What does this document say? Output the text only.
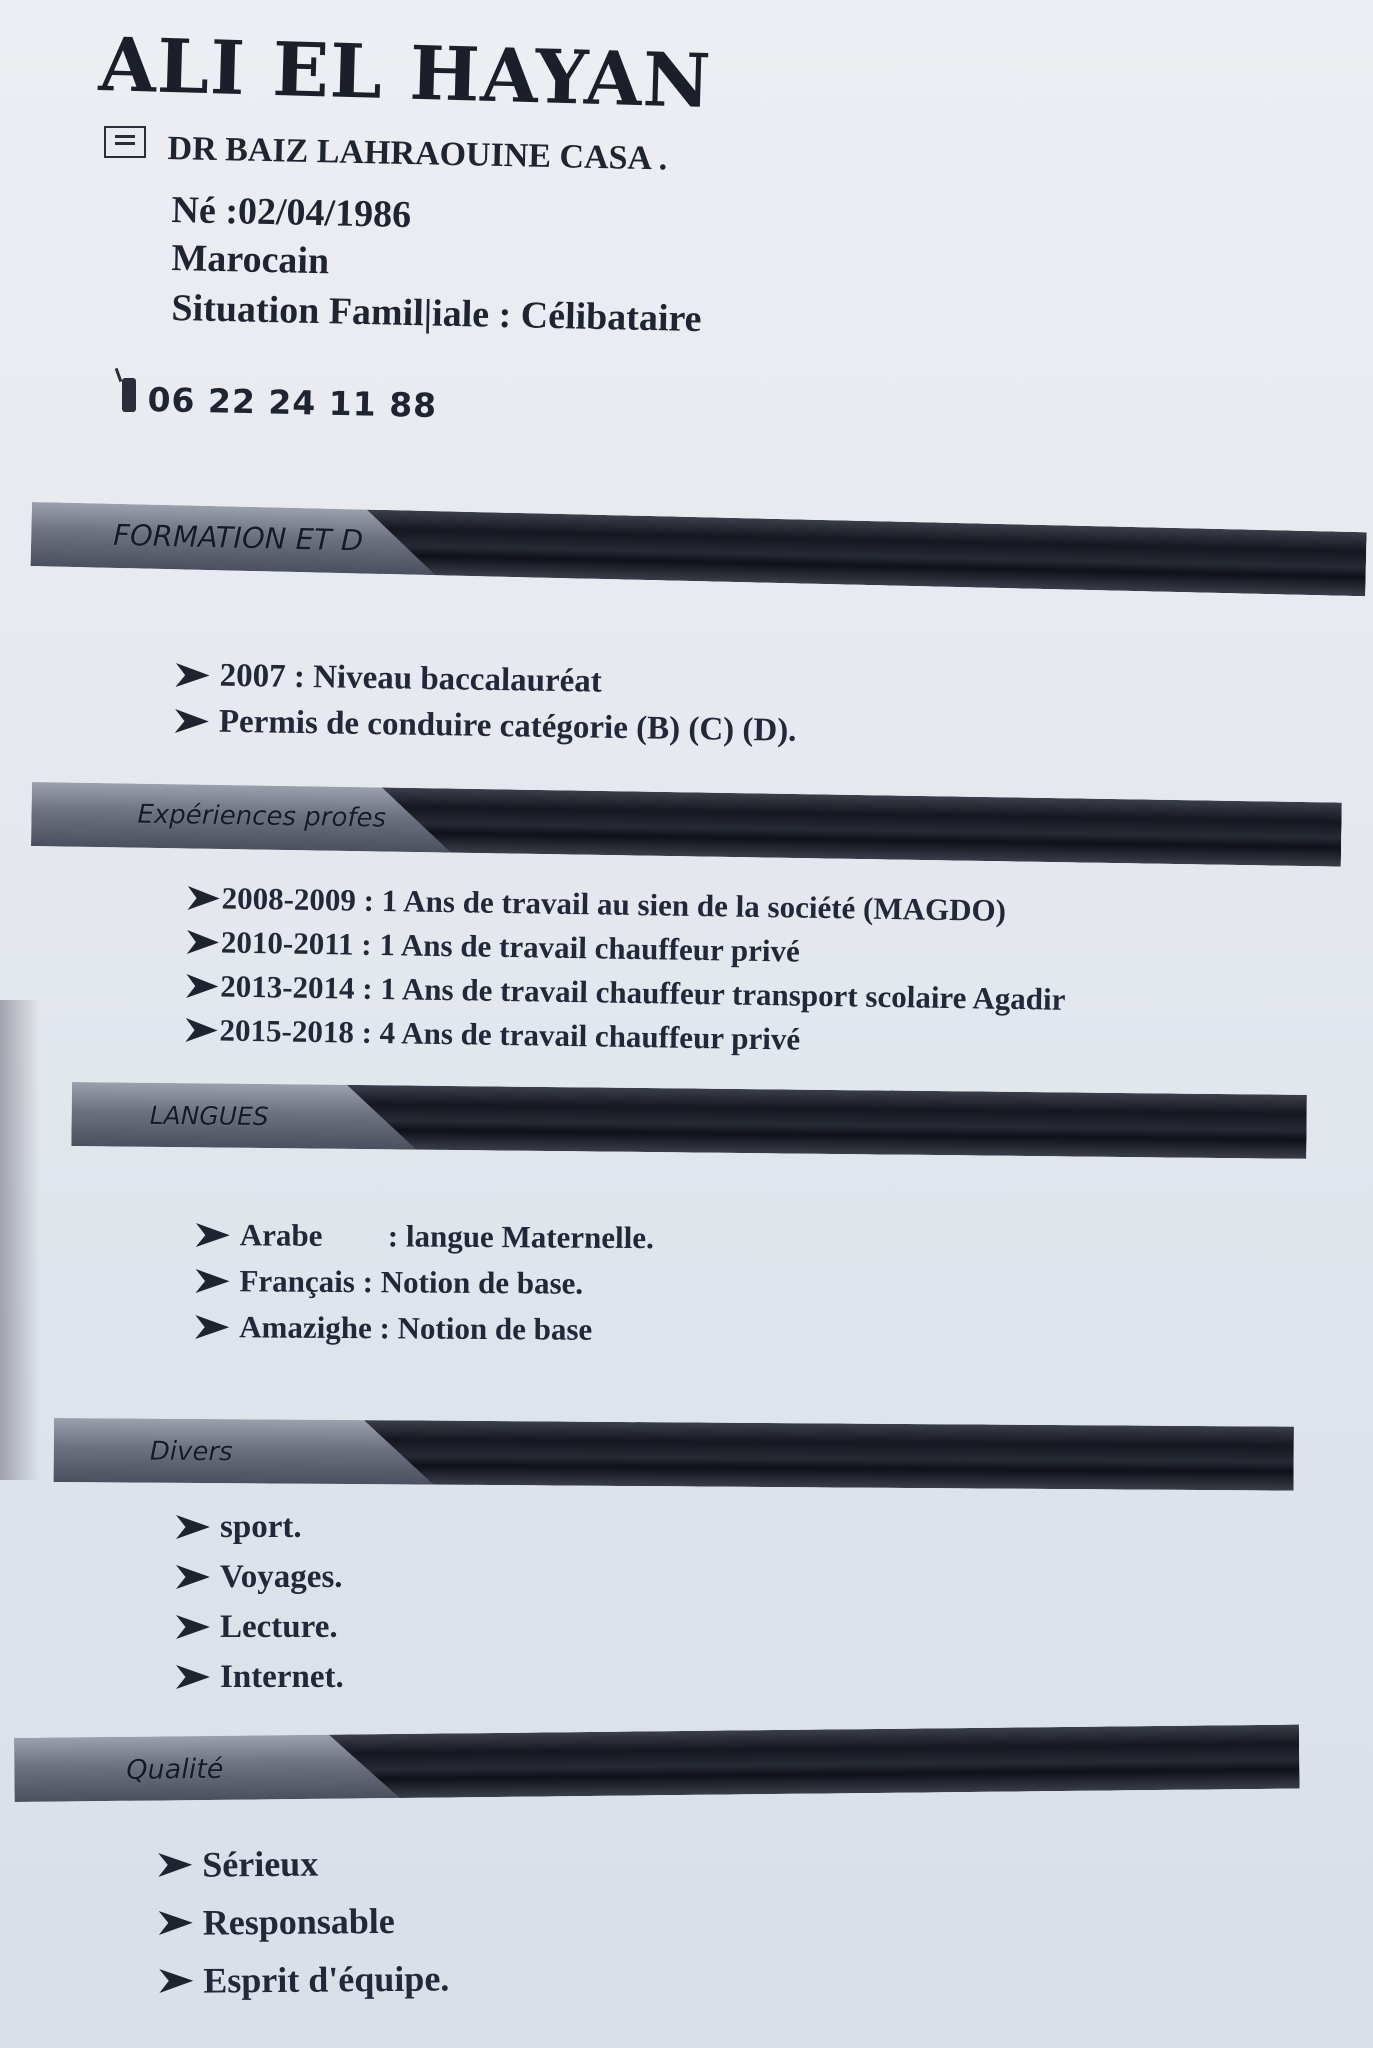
ALI EL HAYAN
DR BAIZ LAHRAOUINE CASA .
Né :02/04/1986
Marocain
Situation Famil|iale : Célibataire
06 22 24 11 88
FORMATION ET D
2007 : Niveau baccalauréat
Permis de conduire catégorie (B) (C) (D).
Expériences profes
2008-2009 : 1 Ans de travail au sien de la société (MAGDO)
2010-2011 : 1 Ans de travail chauffeur privé
2013-2014 : 1 Ans de travail chauffeur transport scolaire Agadir
2015-2018 : 4 Ans de travail chauffeur privé
LANGUES
Arabe	: langue Maternelle.
Français
: Notion de base.
Amazighe
: Notion de base
Divers
sport.
Voyages.
Lecture.
Internet.
Qualité
Sérieux
Responsable
Esprit d'équipe.
